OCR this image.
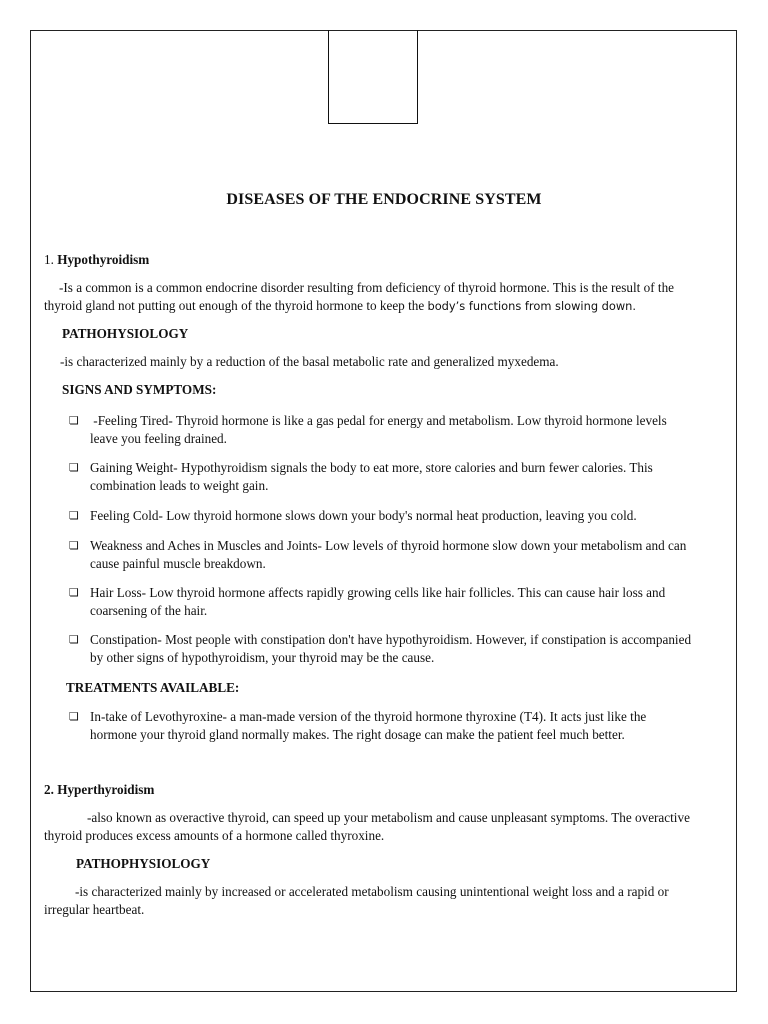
DISEASES OF THE ENDOCRINE SYSTEM

1. Hypothyroidism

-Is a common is a common endocrine disorder resulting from deficiency of thyroid hormone. This is the result of the

thyroid gland not putting out enough of the thyroid hormone to keep the body’s functions from slowing down.

PATHOHYSIOLOGY

-is characterized mainly by a reduction of the basal metabolic rate and generalized myxedema.

SIGNS AND SYMPTOMS:

❏ -Feeling Tired- Thyroid hormone is like a gas pedal for energy and metabolism. Low thyroid hormone levels
leave you feeling drained.
❏ Gaining Weight- Hypothyroidism signals the body to eat more, store calories and burn fewer calories. This
combination leads to weight gain.
❏ Feeling Cold- Low thyroid hormone slows down your body's normal heat production, leaving you cold.
❏ Weakness and Aches in Muscles and Joints- Low levels of thyroid hormone slow down your metabolism and can
cause painful muscle breakdown.
❏ Hair Loss- Low thyroid hormone affects rapidly growing cells like hair follicles. This can cause hair loss and
coarsening of the hair.
❏ Constipation- Most people with constipation don't have hypothyroidism. However, if constipation is accompanied
by other signs of hypothyroidism, your thyroid may be the cause.

TREATMENTS AVAILABLE:

❏ In-take of Levothyroxine- a man-made version of the thyroid hormone thyroxine (T4). It acts just like the
hormone your thyroid gland normally makes. The right dosage can make the patient feel much better.

2. Hyperthyroidism

-also known as overactive thyroid, can speed up your metabolism and cause unpleasant symptoms. The overactive

thyroid produces excess amounts of a hormone called thyroxine.

PATHOPHYSIOLOGY

-is characterized mainly by increased or accelerated metabolism causing unintentional weight loss and a rapid or

irregular heartbeat.
